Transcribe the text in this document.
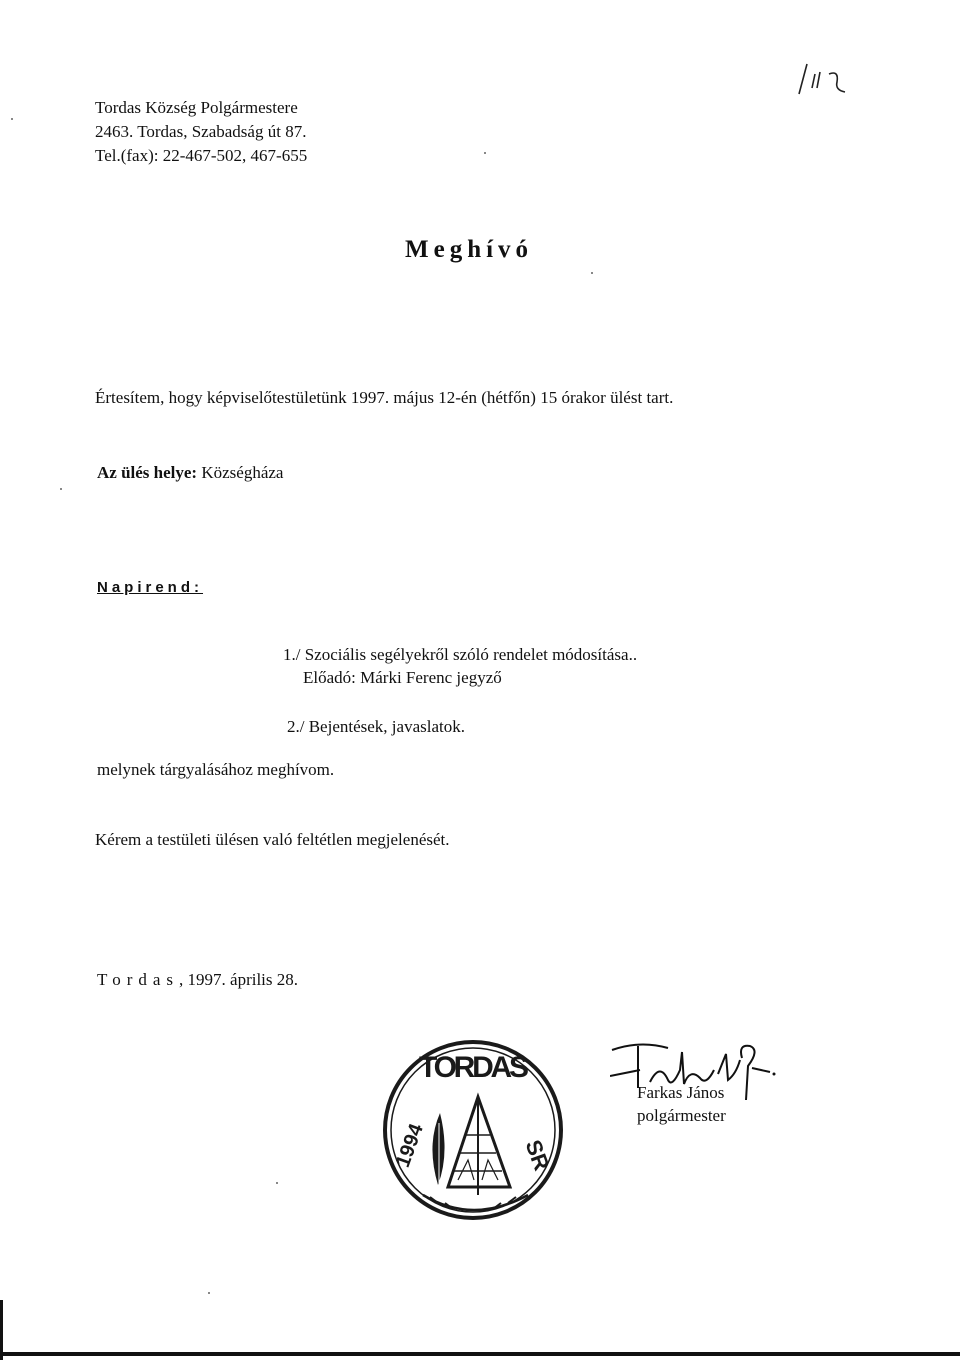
Tordas Község Polgármestere
2463. Tordas, Szabadság út 87.
Tel.(fax): 22-467-502, 467-655
Meghívó
Értesítem, hogy képviselőtestületünk 1997. május 12-én (hétfőn) 15 órakor ülést tart.
Az ülés helye: Községháza
Napirend:
1./ Szociális segélyekről szóló rendelet módosítása..
Előadó: Márki Ferenc jegyző
2./ Bejentések, javaslatok.
melynek tárgyalásához meghívom.
Kérem a testületi ülésen való feltétlen megjelenését.
Tordas, 1997. április 28.
TORDAS
1994	SR
Farkas János
polgármester
